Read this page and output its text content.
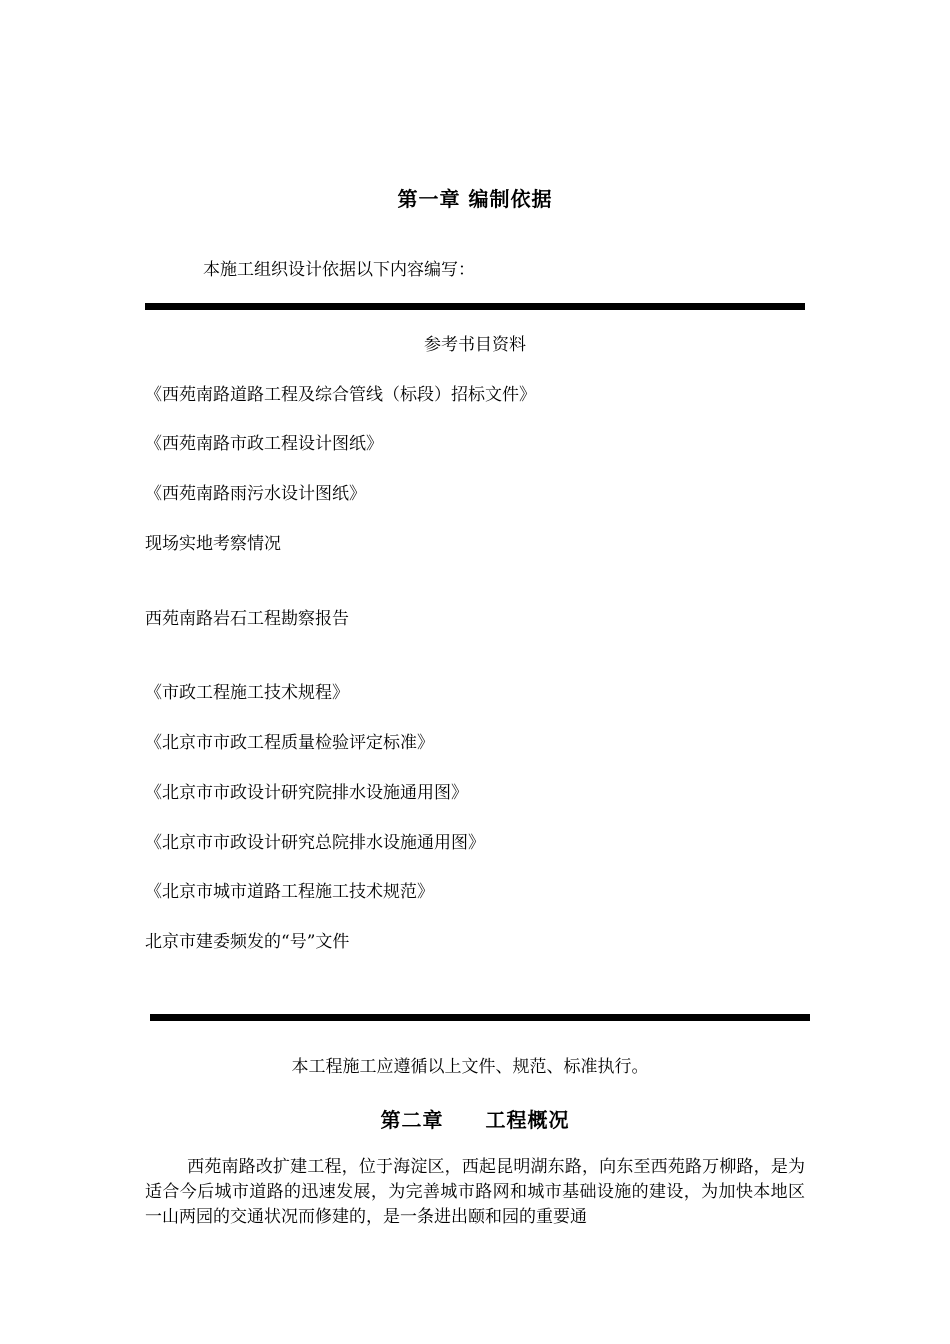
第一章 编制依据
本施工组织设计依据以下内容编写：
参考书目资料
《西苑南路道路工程及综合管线（标段）招标文件》
《西苑南路市政工程设计图纸》
《西苑南路雨污水设计图纸》
现场实地考察情况
西苑南路岩石工程勘察报告
《市政工程施工技术规程》
《北京市市政工程质量检验评定标准》
《北京市市政设计研究院排水设施通用图》
《北京市市政设计研究总院排水设施通用图》
《北京市城市道路工程施工技术规范》
北京市建委频发的“号”文件
本工程施工应遵循以上文件、规范、标准执行。
第二章　　工程概况
西苑南路改扩建工程，位于海淀区，西起昆明湖东路，向东至西苑路万柳路，是为适合今后城市道路的迅速发展，为完善城市路网和城市基础设施的建设，为加快本地区一山两园的交通状况而修建的，是一条进出颐和园的重要通
